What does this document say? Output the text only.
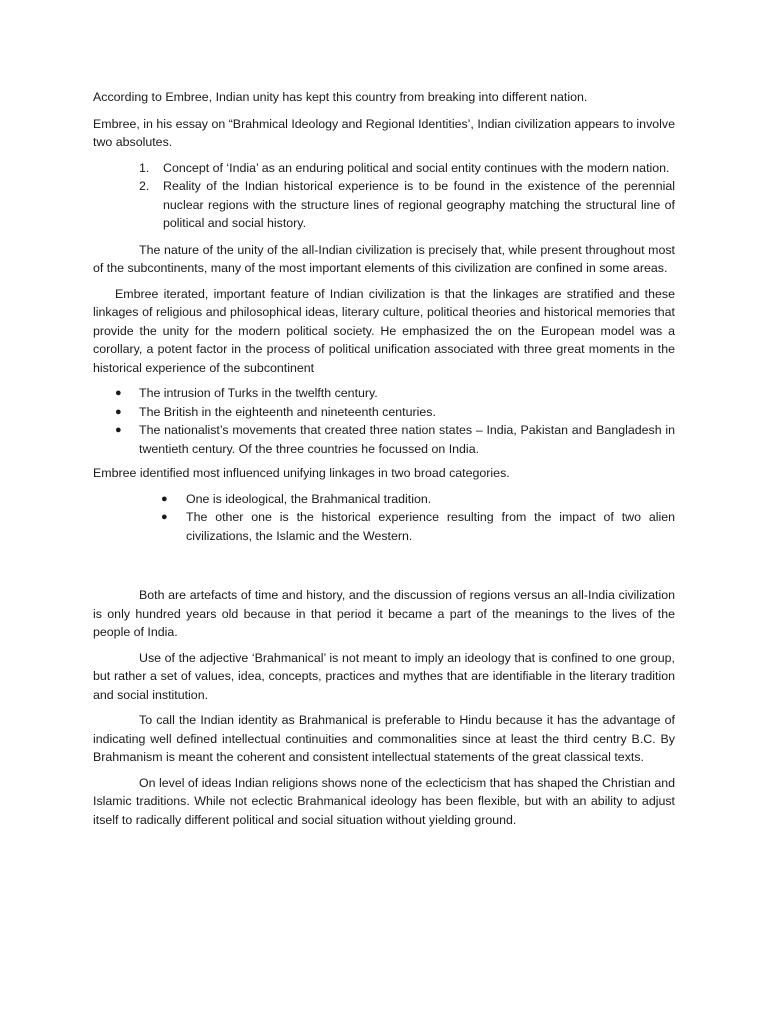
According to Embree, Indian unity has kept this country from breaking into different nation.

Embree, in his essay on “Brahmical Ideology and Regional Identities’, Indian civilization appears to involve two absolutes.

1. Concept of ‘India’ as an enduring political and social entity continues with the modern nation.
2. Reality of the Indian historical experience is to be found in the existence of the perennial nuclear regions with the structure lines of regional geography matching the structural line of political and social history.

The nature of the unity of the all-Indian civilization is precisely that, while present throughout most of the subcontinents, many of the most important elements of this civilization are confined in some areas.

Embree iterated, important feature of Indian civilization is that the linkages are stratified and these linkages of religious and philosophical ideas, literary culture, political theories and historical memories that provide the unity for the modern political society. He emphasized the on the European model was a corollary, a potent factor in the process of political unification associated with three great moments in the historical experience of the subcontinent

● The intrusion of Turks in the twelfth century.
● The British in the eighteenth and nineteenth centuries.
● The nationalist’s movements that created three nation states – India, Pakistan and Bangladesh in twentieth century. Of the three countries he focussed on India.

Embree identified most influenced unifying linkages in two broad categories.

● One is ideological, the Brahmanical tradition.
● The other one is the historical experience resulting from the impact of two alien civilizations, the Islamic and the Western.

Both are artefacts of time and history, and the discussion of regions versus an all-India civilization is only hundred years old because in that period it became a part of the meanings to the lives of the people of India.

Use of the adjective ‘Brahmanical’ is not meant to imply an ideology that is confined to one group, but rather a set of values, idea, concepts, practices and mythes that are identifiable in the literary tradition and social institution.

To call the Indian identity as Brahmanical is preferable to Hindu because it has the advantage of indicating well defined intellectual continuities and commonalities since at least the third centry B.C. By Brahmanism is meant the coherent and consistent intellectual statements of the great classical texts.

On level of ideas Indian religions shows none of the eclecticism that has shaped the Christian and Islamic traditions. While not eclectic Brahmanical ideology has been flexible, but with an ability to adjust itself to radically different political and social situation without yielding ground.
